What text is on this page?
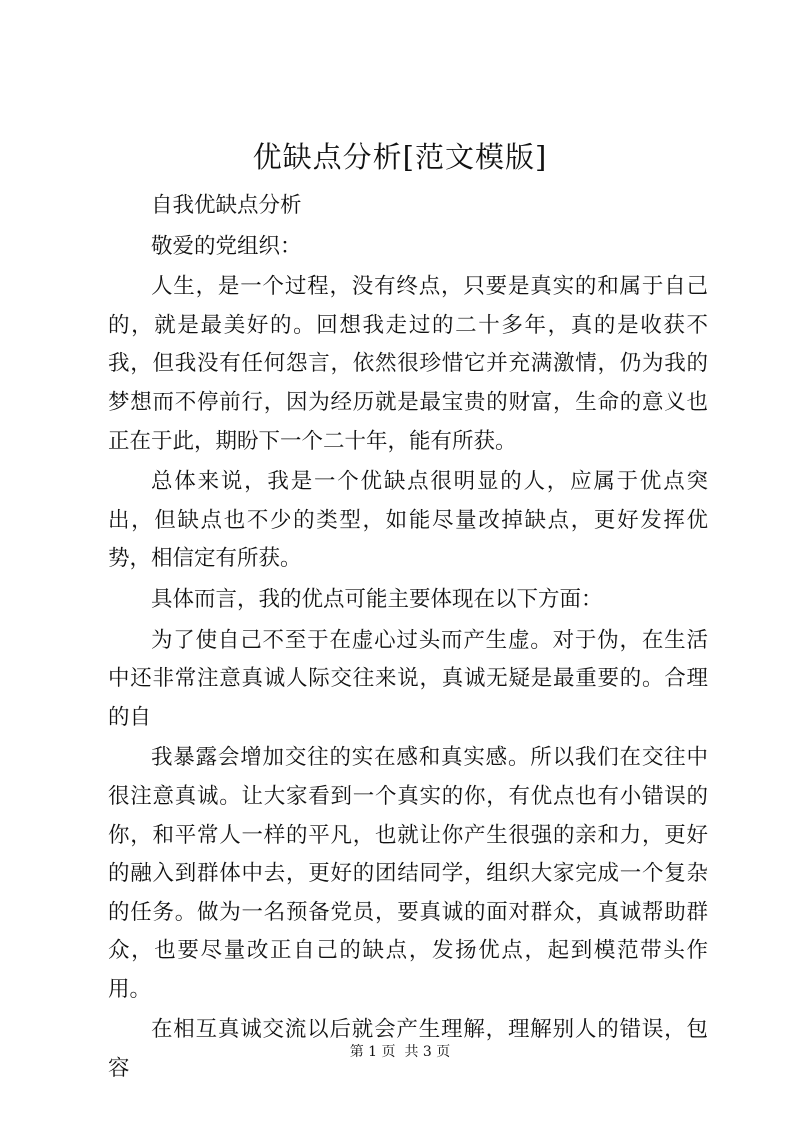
优缺点分析[范文模版]

自我优缺点分析

敬爱的党组织：

人生，是一个过程，没有终点，只要是真实的和属于自己的，就是最美好的。回想我走过的二十多年，真的是收获不我，但我没有任何怨言，依然很珍惜它并充满激情，仍为我的梦想而不停前行，因为经历就是最宝贵的财富，生命的意义也正在于此，期盼下一个二十年，能有所获。

总体来说，我是一个优缺点很明显的人，应属于优点突出，但缺点也不少的类型，如能尽量改掉缺点，更好发挥优势，相信定有所获。

具体而言，我的优点可能主要体现在以下方面：

为了使自己不至于在虚心过头而产生虚。对于伪，在生活中还非常注意真诚人际交往来说，真诚无疑是最重要的。合理的自

我暴露会增加交往的实在感和真实感。所以我们在交往中很注意真诚。让大家看到一个真实的你，有优点也有小错误的你，和平常人一样的平凡，也就让你产生很强的亲和力，更好的融入到群体中去，更好的团结同学，组织大家完成一个复杂的任务。做为一名预备党员，要真诚的面对群众，真诚帮助群众，也要尽量改正自己的缺点，发扬优点，起到模范带头作用。

在相互真诚交流以后就会产生理解，理解别人的错误，包容

第 1 页  共 3 页
